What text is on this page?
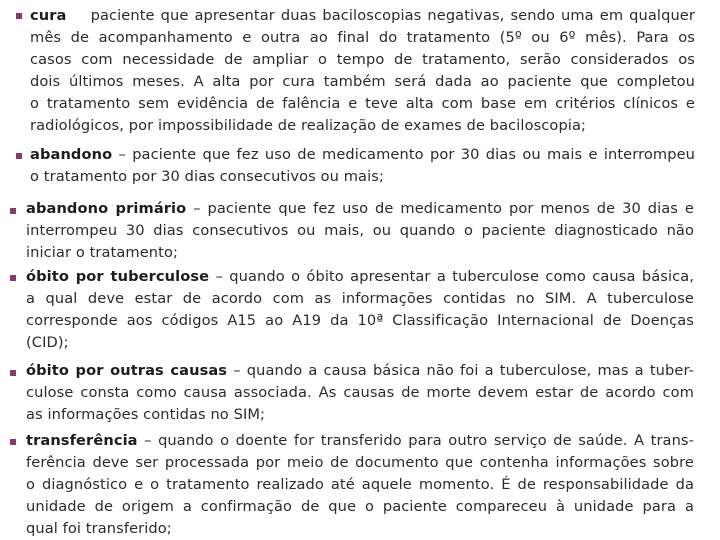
cura paciente que apresentar duas baciloscopias negativas, sendo uma em qualquer
mês de acompanhamento e outra ao final do tratamento (5º ou 6º mês). Para os
casos com necessidade de ampliar o tempo de tratamento, serão considerados os
dois últimos meses. A alta por cura também será dada ao paciente que completou
o tratamento sem evidência de falência e teve alta com base em critérios clínicos e
radiológicos, por impossibilidade de realização de exames de baciloscopia;
abandono – paciente que fez uso de medicamento por 30 dias ou mais e interrompeu
o tratamento por 30 dias consecutivos ou mais;
abandono primário – paciente que fez uso de medicamento por menos de 30 dias e
interrompeu 30 dias consecutivos ou mais, ou quando o paciente diagnosticado não
iniciar o tratamento;
óbito por tuberculose – quando o óbito apresentar a tuberculose como causa básica,
a qual deve estar de acordo com as informações contidas no SIM. A tuberculose
corresponde aos códigos A15 ao A19 da 10ª Classificação Internacional de Doenças
(CID);
óbito por outras causas – quando a causa básica não foi a tuberculose, mas a tuber-
culose consta como causa associada. As causas de morte devem estar de acordo com
as informações contidas no SIM;
transferência – quando o doente for transferido para outro serviço de saúde. A trans-
ferência deve ser processada por meio de documento que contenha informações sobre
o diagnóstico e o tratamento realizado até aquele momento. É de responsabilidade da
unidade de origem a confirmação de que o paciente compareceu à unidade para a
qual foi transferido;
